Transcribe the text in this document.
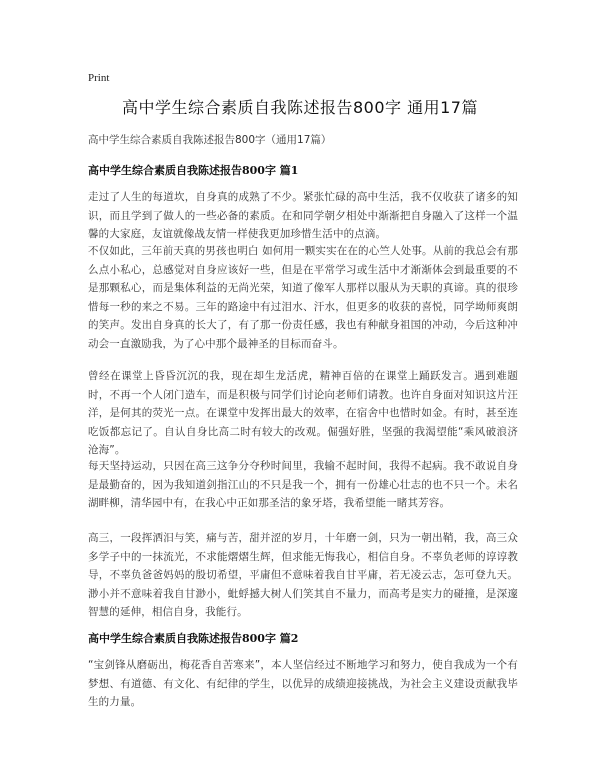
Print
高中学生综合素质自我陈述报告800字 通用17篇
高中学生综合素质自我陈述报告800字（通用17篇）
高中学生综合素质自我陈述报告800字 篇1

走过了人生的每道坎，自身真的成熟了不少。紧张忙碌的高中生活，我不仅收获了诸多的知识，而且学到了做人的一些必备的素质。在和同学朝夕相处中渐渐把自身融入了这样一个温馨的大家庭，友谊就像战友情一样使我更加珍惜生活中的点滴。

不仅如此，三年前天真的男孩也明白 如何用一颗实实在在的心竺人处事。从前的我总会有那么点小私心，总感觉对自身应该好一些，但是在平常学习或生活中才渐渐体会到最重要的不是那颗私心，而是集体利益的无尚光荣，知道了像军人那样以服从为天职的真谛。真的很珍惜每一秒的来之不易。三年的路途中有过泪水、汗水，但更多的收获的喜悦，同学坳师爽朗的笑声。发出自身真的长大了，有了那一份责任感，我也有种献身祖国的冲动，今后这种冲动会一直激励我，为了心中那个最神圣的目标而奋斗。

曾经在课堂上昏昏沉沉的我，现在却生龙活虎，精神百倍的在课堂上踊跃发言。遇到难题时，不再一个人闭门造车，而是积极与同学们讨论向老师们请教。也许自身面对知识这片汪洋，是何其的荧光一点。在课堂中发挥出最大的效率，在宿舍中也惜时如金。有时，甚至连吃饭都忘记了。自认自身比高二时有较大的改观。倔强好胜，坚强的我渴望能“乘风破浪济沧海”。

每天坚持运动，只因在高三这争分夺秒时间里，我输不起时间，我得不起病。我不敢说自身是最勤奋的，因为我知道剑指江山的不只是我一个，拥有一份雄心壮志的也不只一个。未名湖畔柳，清华园中有，在我心中正如那圣洁的象牙塔，我希望能一睹其芳容。

高三，一段挥洒汨与笑，痛与苦，甜并涩的岁月，十年磨一剑，只为一朝出鞘，我，高三众多学子中的一抹流光，不求能熠熠生辉，但求能无悔我心，相信自身。不辜负老师的谆谆教导，不辜负爸爸妈妈的殷切希望，平庸但不意味着我自甘平庸，若无凌云志，怎可登九天。渺小并不意味着我自甘渺小，蚍蜉撼大树人们笑其自不量力，而高考是实力的碰撞，是深邃智慧的延伸，相信自身，我能行。

高中学生综合素质自我陈述报告800字 篇2

“宝剑锋从磨砺出，梅花香自苦寒来”，本人坚信经过不断地学习和努力，使自我成为一个有梦想、有道德、有文化、有纪律的学生，以优异的成绩迎接挑战，为社会主义建设贡献我毕生的力量。
